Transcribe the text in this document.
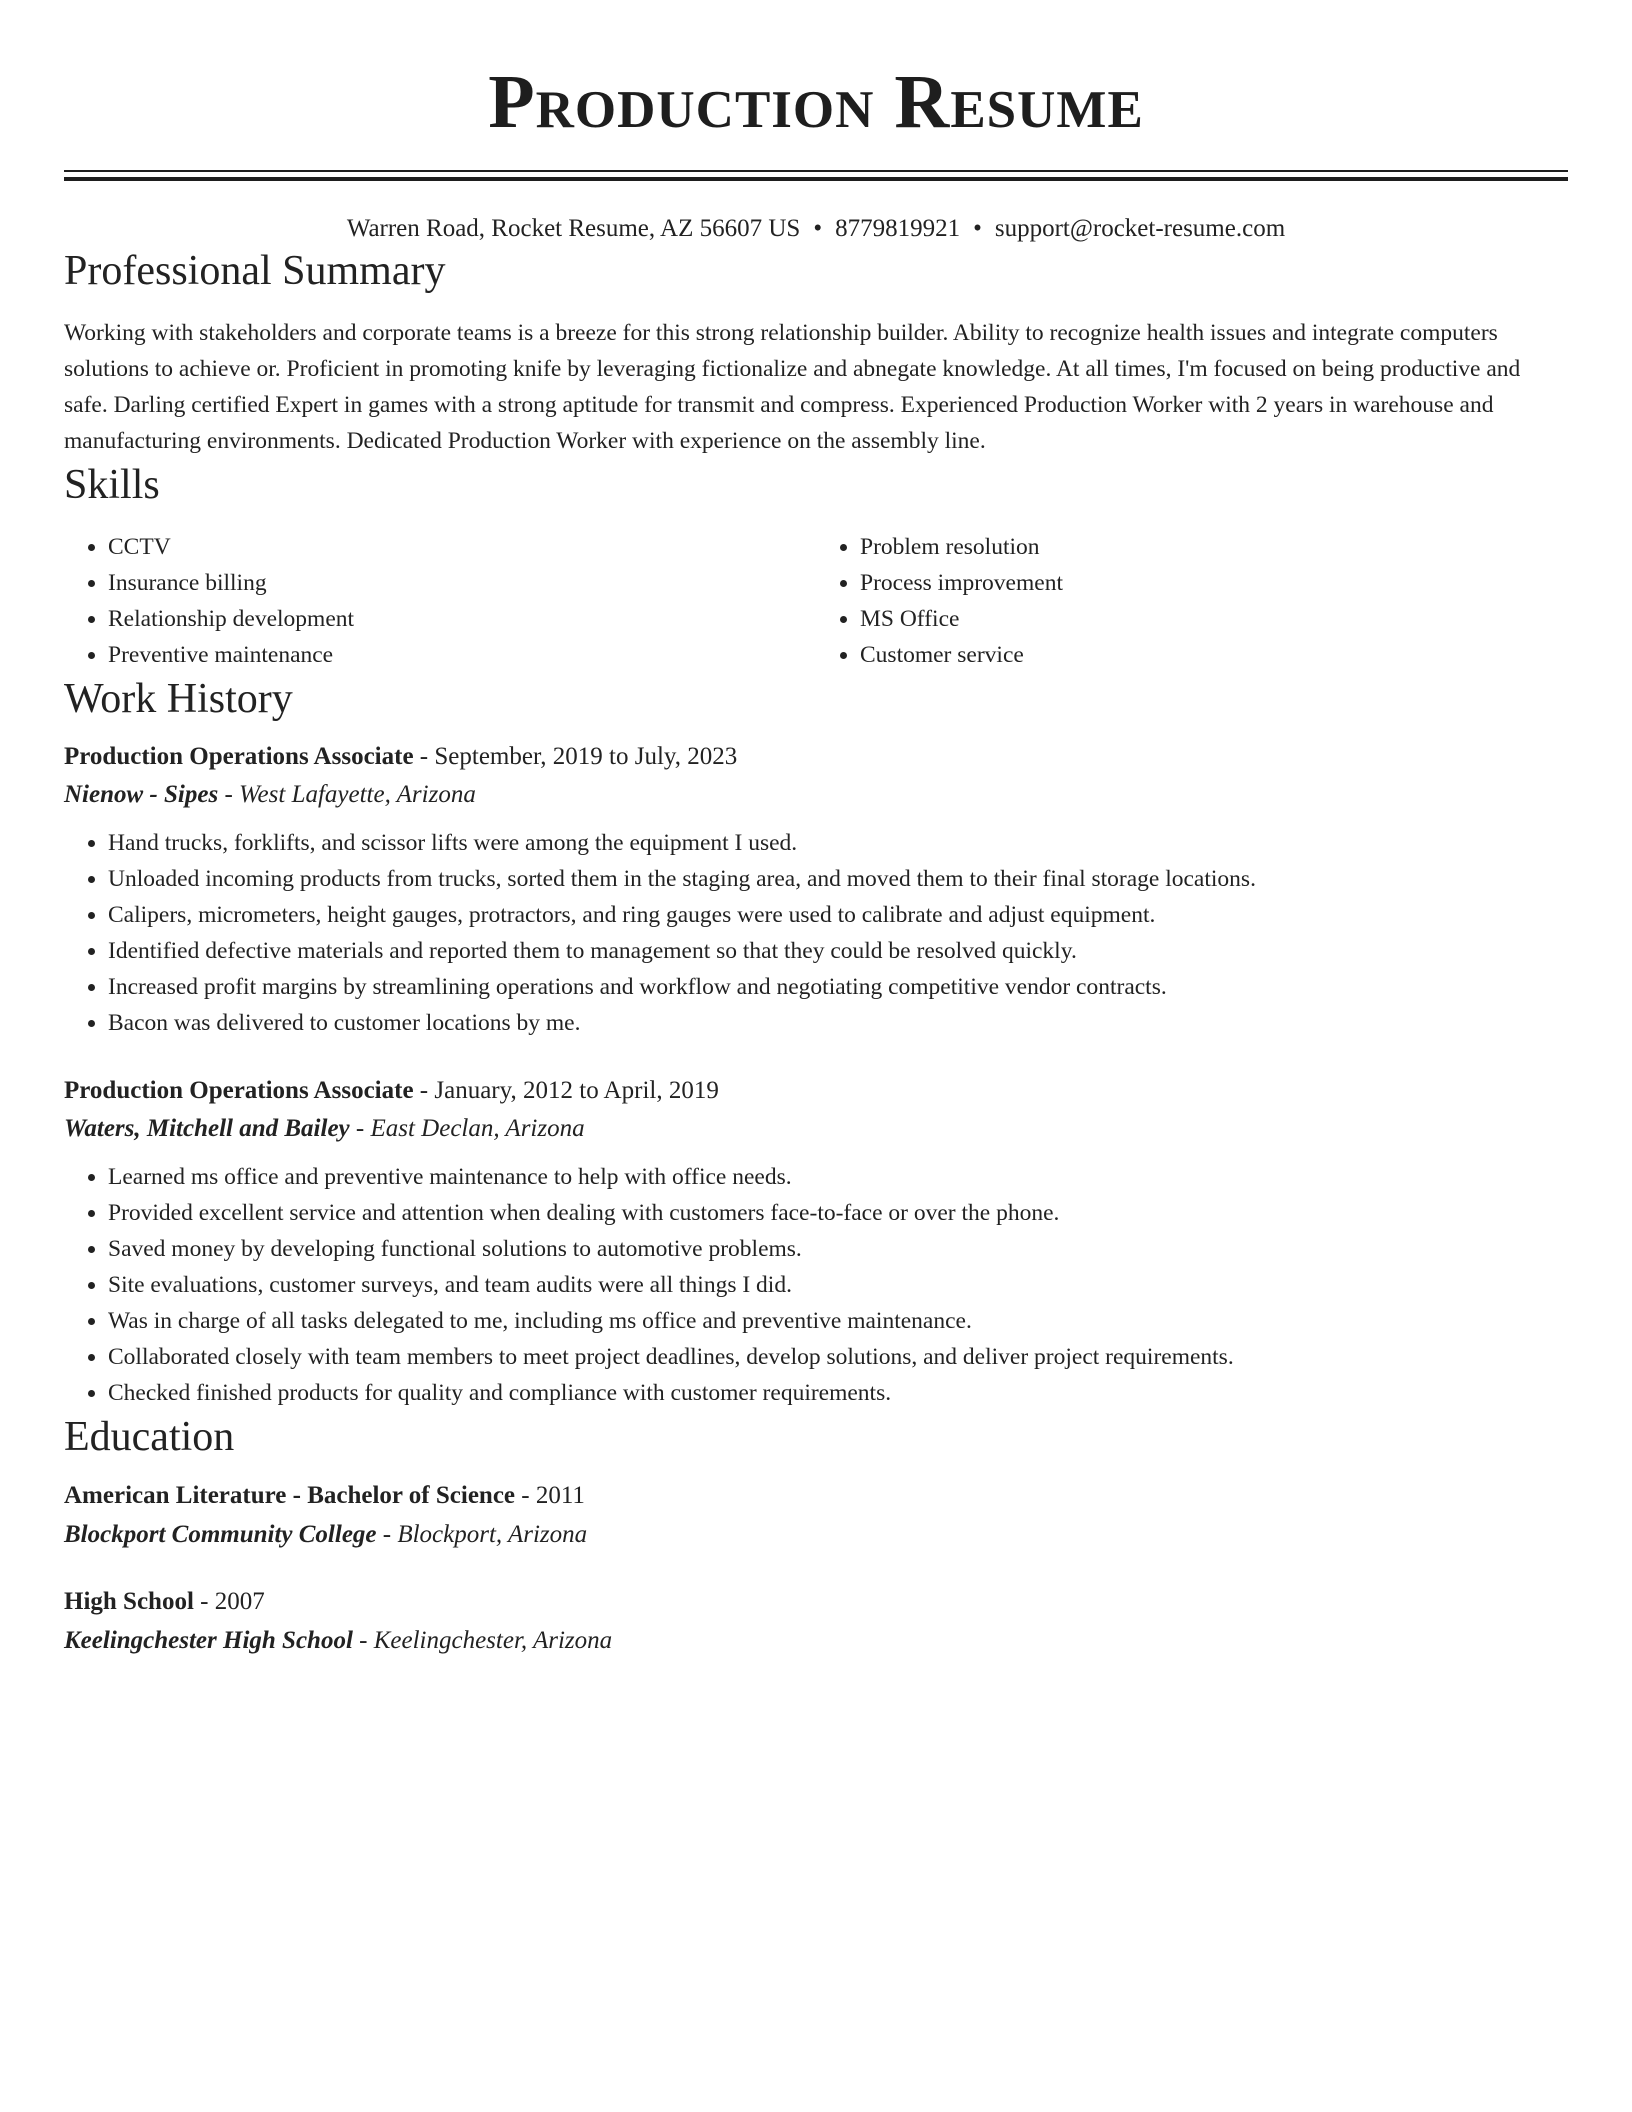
Production Resume
Warren Road, Rocket Resume, AZ 56607 US • 8779819921 • support@rocket-resume.com
Professional Summary
Working with stakeholders and corporate teams is a breeze for this strong relationship builder. Ability to recognize health issues and integrate computers solutions to achieve or. Proficient in promoting knife by leveraging fictionalize and abnegate knowledge. At all times, I'm focused on being productive and safe. Darling certified Expert in games with a strong aptitude for transmit and compress. Experienced Production Worker with 2 years in warehouse and manufacturing environments. Dedicated Production Worker with experience on the assembly line.
Skills
• CCTV
• Insurance billing
• Relationship development
• Preventive maintenance
• Problem resolution
• Process improvement
• MS Office
• Customer service
Work History
Production Operations Associate - September, 2019 to July, 2023
Nienow - Sipes - West Lafayette, Arizona
• Hand trucks, forklifts, and scissor lifts were among the equipment I used.
• Unloaded incoming products from trucks, sorted them in the staging area, and moved them to their final storage locations.
• Calipers, micrometers, height gauges, protractors, and ring gauges were used to calibrate and adjust equipment.
• Identified defective materials and reported them to management so that they could be resolved quickly.
• Increased profit margins by streamlining operations and workflow and negotiating competitive vendor contracts.
• Bacon was delivered to customer locations by me.
Production Operations Associate - January, 2012 to April, 2019
Waters, Mitchell and Bailey - East Declan, Arizona
• Learned ms office and preventive maintenance to help with office needs.
• Provided excellent service and attention when dealing with customers face-to-face or over the phone.
• Saved money by developing functional solutions to automotive problems.
• Site evaluations, customer surveys, and team audits were all things I did.
• Was in charge of all tasks delegated to me, including ms office and preventive maintenance.
• Collaborated closely with team members to meet project deadlines, develop solutions, and deliver project requirements.
• Checked finished products for quality and compliance with customer requirements.
Education
American Literature - Bachelor of Science - 2011
Blockport Community College - Blockport, Arizona
High School - 2007
Keelingchester High School - Keelingchester, Arizona
